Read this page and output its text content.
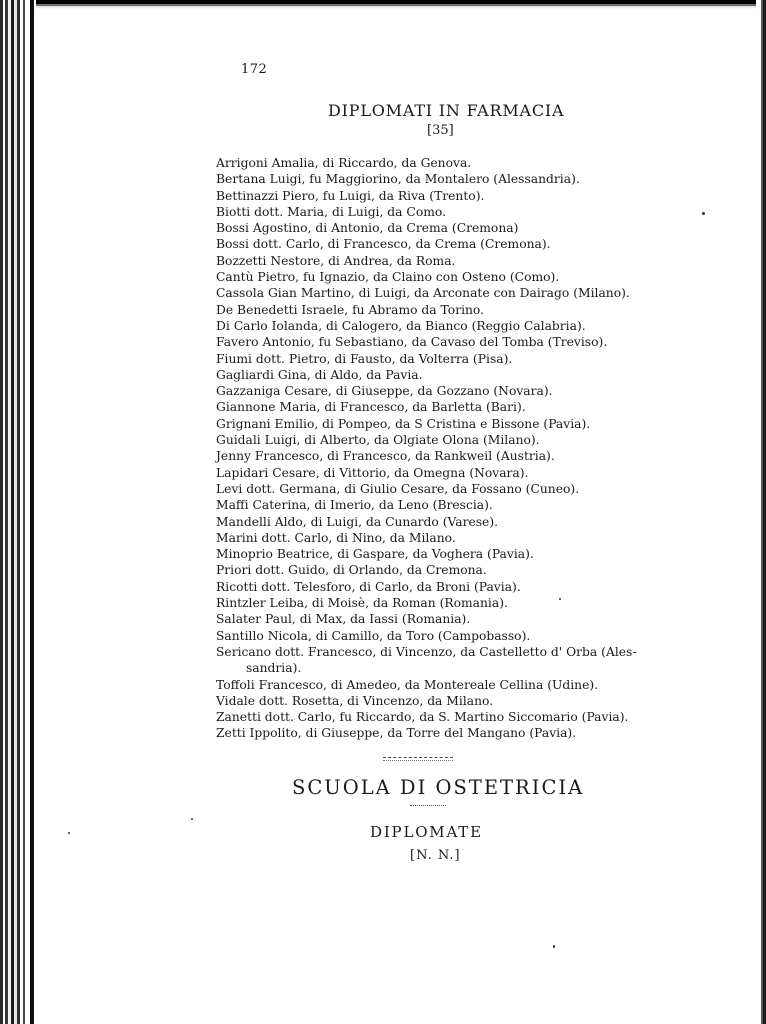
172
DIPLOMATI IN FARMACIA
[35]
Arrigoni Amalia, di Riccardo, da Genova.
Bertana Luigi, fu Maggiorino, da Montalero (Alessandria).
Bettinazzi Piero, fu Luigi, da Riva (Trento).
Biotti dott. Maria, di Luigi, da Como.
Bossi Agostino, di Antonio, da Crema (Cremona)
Bossi dott. Carlo, di Francesco, da Crema (Cremona).
Bozzetti Nestore, di Andrea, da Roma.
Cantù Pietro, fu Ignazio, da Claino con Osteno (Como).
Cassola Gian Martino, di Luigi, da Arconate con Dairago (Milano).
De Benedetti Israele, fu Abramo da Torino.
Di Carlo Iolanda, di Calogero, da Bianco (Reggio Calabria).
Favero Antonio, fu Sebastiano, da Cavaso del Tomba (Treviso).
Fiumi dott. Pietro, di Fausto, da Volterra (Pisa).
Gagliardi Gina, di Aldo, da Pavia.
Gazzaniga Cesare, di Giuseppe, da Gozzano (Novara).
Giannone Maria, di Francesco, da Barletta (Bari).
Grignani Emilio, di Pompeo, da S Cristina e Bissone (Pavia).
Guidali Luigi, di Alberto, da Olgiate Olona (Milano).
Jenny Francesco, di Francesco, da Rankweil (Austria).
Lapidari Cesare, di Vittorio, da Omegna (Novara).
Levi dott. Germana, di Giulio Cesare, da Fossano (Cuneo).
Maffi Caterina, di Imerio, da Leno (Brescia).
Mandelli Aldo, di Luigi, da Cunardo (Varese).
Marini dott. Carlo, di Nino, da Milano.
Minoprio Beatrice, di Gaspare, da Voghera (Pavia).
Priori dott. Guido, di Orlando, da Cremona.
Ricotti dott. Telesforo, di Carlo, da Broni (Pavia).
Rintzler Leiba, di Moisè, da Roman (Romania).
Salater Paul, di Max, da Iassi (Romania).
Santillo Nicola, di Camillo, da Toro (Campobasso).
Sericano dott. Francesco, di Vincenzo, da Castelletto d' Orba (Ales-
sandria).
Toffoli Francesco, di Amedeo, da Montereale Cellina (Udine).
Vidale dott. Rosetta, di Vincenzo, da Milano.
Zanetti dott. Carlo, fu Riccardo, da S. Martino Siccomario (Pavia).
Zetti Ippolito, di Giuseppe, da Torre del Mangano (Pavia).
SCUOLA DI OSTETRICIA
DIPLOMATE
[N. N.]
